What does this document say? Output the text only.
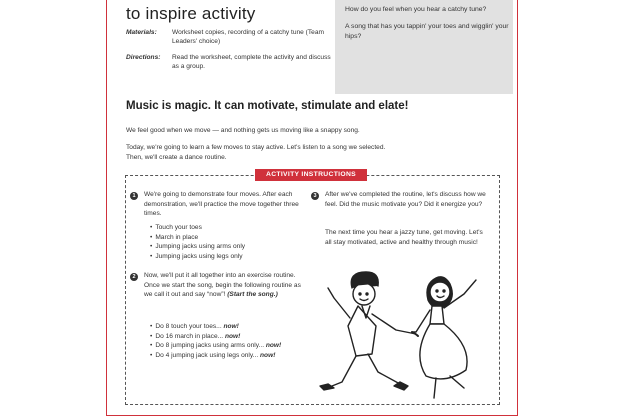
to inspire activity
Materials:	Worksheet copies, recording of a catchy tune (Team Leaders' choice)
Directions:	Read the worksheet, complete the activity and discuss as a group.
How do you feel when you hear a catchy tune?
A song that has you tappin' your toes and wigglin' your hips?
Music is magic. It can motivate, stimulate and elate!
We feel good when we move — and nothing gets us moving like a snappy song.
Today, we're going to learn a few moves to stay active. Let's listen to a song we selected.
Then, we'll create a dance routine.
ACTIVITY INSTRUCTIONS
1	We're going to demonstrate four moves. After each demonstration, we'll practice the move together three times.
• Touch your toes
• March in place
• Jumping jacks using arms only
• Jumping jacks using legs only
2	Now, we'll put it all together into an exercise routine. Once we start the song, begin the following routine as we call it out and say “now”! (Start the song.)
• Do 8 touch your toes... now!
• Do 16 march in place... now!
• Do 8 jumping jacks using arms only... now!
• Do 4 jumping jack using legs only... now!
3	After we've completed the routine, let's discuss how we feel. Did the music motivate you? Did it energize you?
The next time you hear a jazzy tune, get moving. Let's all stay motivated, active and healthy through music!
